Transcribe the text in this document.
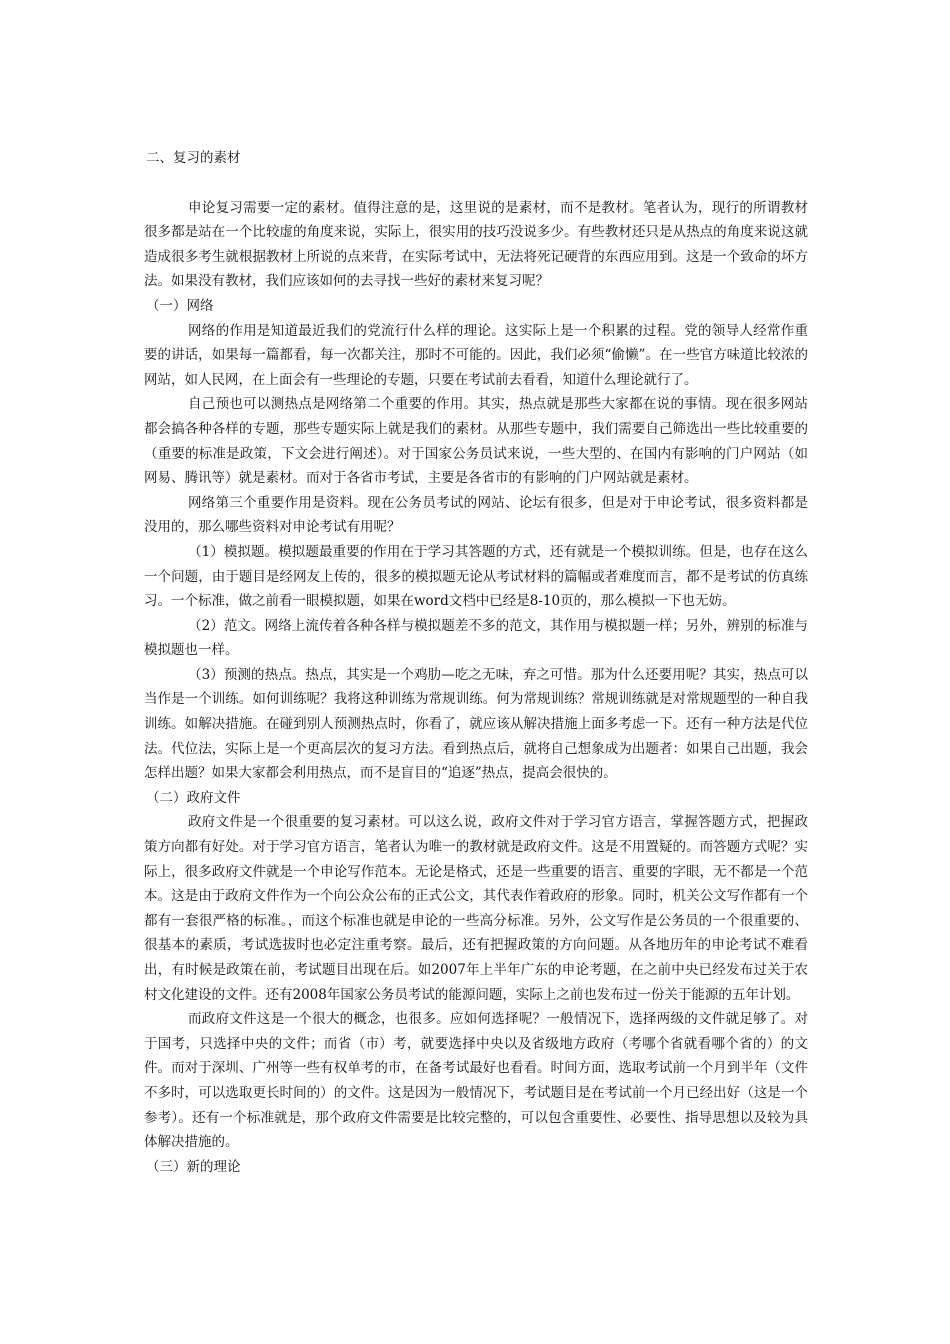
二、复习的素材

申论复习需要一定的素材。值得注意的是，这里说的是素材，而不是教材。笔者认为，现行的所谓教材很多都是站在一个比较虚的角度来说，实际上，很实用的技巧没说多少。有些教材还只是从热点的角度来说这就造成很多考生就根据教材上所说的点来背，在实际考试中，无法将死记硬背的东西应用到。这是一个致命的坏方法。如果没有教材，我们应该如何的去寻找一些好的素材来复习呢？

（一）网络

网络的作用是知道最近我们的党流行什么样的理论。这实际上是一个积累的过程。党的领导人经常作重要的讲话，如果每一篇都看，每一次都关注，那时不可能的。因此，我们必须“偷懒”。在一些官方味道比较浓的网站，如人民网，在上面会有一些理论的专题，只要在考试前去看看，知道什么理论就行了。

自己预也可以测热点是网络第二个重要的作用。其实，热点就是那些大家都在说的事情。现在很多网站都会搞各种各样的专题，那些专题实际上就是我们的素材。从那些专题中，我们需要自己筛选出一些比较重要的（重要的标准是政策，下文会进行阐述）。对于国家公务员试来说，一些大型的、在国内有影响的门户网站（如网易、腾讯等）就是素材。而对于各省市考试，主要是各省市的有影响的门户网站就是素材。

网络第三个重要作用是资料。现在公务员考试的网站、论坛有很多，但是对于申论考试，很多资料都是没用的，那么哪些资料对申论考试有用呢？

（1）模拟题。模拟题最重要的作用在于学习其答题的方式，还有就是一个模拟训练。但是，也存在这么一个问题，由于题目是经网友上传的，很多的模拟题无论从考试材料的篇幅或者难度而言，都不是考试的仿真练习。一个标准，做之前看一眼模拟题，如果在word文档中已经是8-10页的，那么模拟一下也无妨。

（2）范文。网络上流传着各种各样与模拟题差不多的范文，其作用与模拟题一样；另外，辨别的标准与模拟题也一样。

（3）预测的热点。热点，其实是一个鸡肋—吃之无味，弃之可惜。那为什么还要用呢？其实，热点可以当作是一个训练。如何训练呢？我将这种训练为常规训练。何为常规训练？常规训练就是对常规题型的一种自我训练。如解决措施。在碰到别人预测热点时，你看了，就应该从解决措施上面多考虑一下。还有一种方法是代位法。代位法，实际上是一个更高层次的复习方法。看到热点后，就将自己想象成为出题者：如果自己出题，我会怎样出题？如果大家都会利用热点，而不是盲目的“追逐”热点，提高会很快的。

（二）政府文件

政府文件是一个很重要的复习素材。可以这么说，政府文件对于学习官方语言，掌握答题方式，把握政策方向都有好处。对于学习官方语言，笔者认为唯一的教材就是政府文件。这是不用置疑的。而答题方式呢？实际上，很多政府文件就是一个申论写作范本。无论是格式，还是一些重要的语言、重要的字眼，无不都是一个范本。这是由于政府文件作为一个向公众公布的正式公文，其代表作着政府的形象。同时，机关公文写作都有一个都有一套很严格的标准。，而这个标准也就是申论的一些高分标准。另外，公文写作是公务员的一个很重要的、很基本的素质，考试选拔时也必定注重考察。最后，还有把握政策的方向问题。从各地历年的申论考试不难看出，有时候是政策在前，考试题目出现在后。如2007年上半年广东的申论考题，在之前中央已经发布过关于农村文化建设的文件。还有2008年国家公务员考试的能源问题，实际上之前也发布过一份关于能源的五年计划。

而政府文件这是一个很大的概念，也很多。应如何选择呢？一般情况下，选择两级的文件就足够了。对于国考，只选择中央的文件；而省（市）考，就要选择中央以及省级地方政府（考哪个省就看哪个省的）的文件。而对于深圳、广州等一些有权单考的市，在备考试最好也看看。时间方面，选取考试前一个月到半年（文件不多时，可以选取更长时间的）的文件。这是因为一般情况下，考试题目是在考试前一个月已经出好（这是一个参考）。还有一个标准就是，那个政府文件需要是比较完整的，可以包含重要性、必要性、指导思想以及较为具体解决措施的。

（三）新的理论
